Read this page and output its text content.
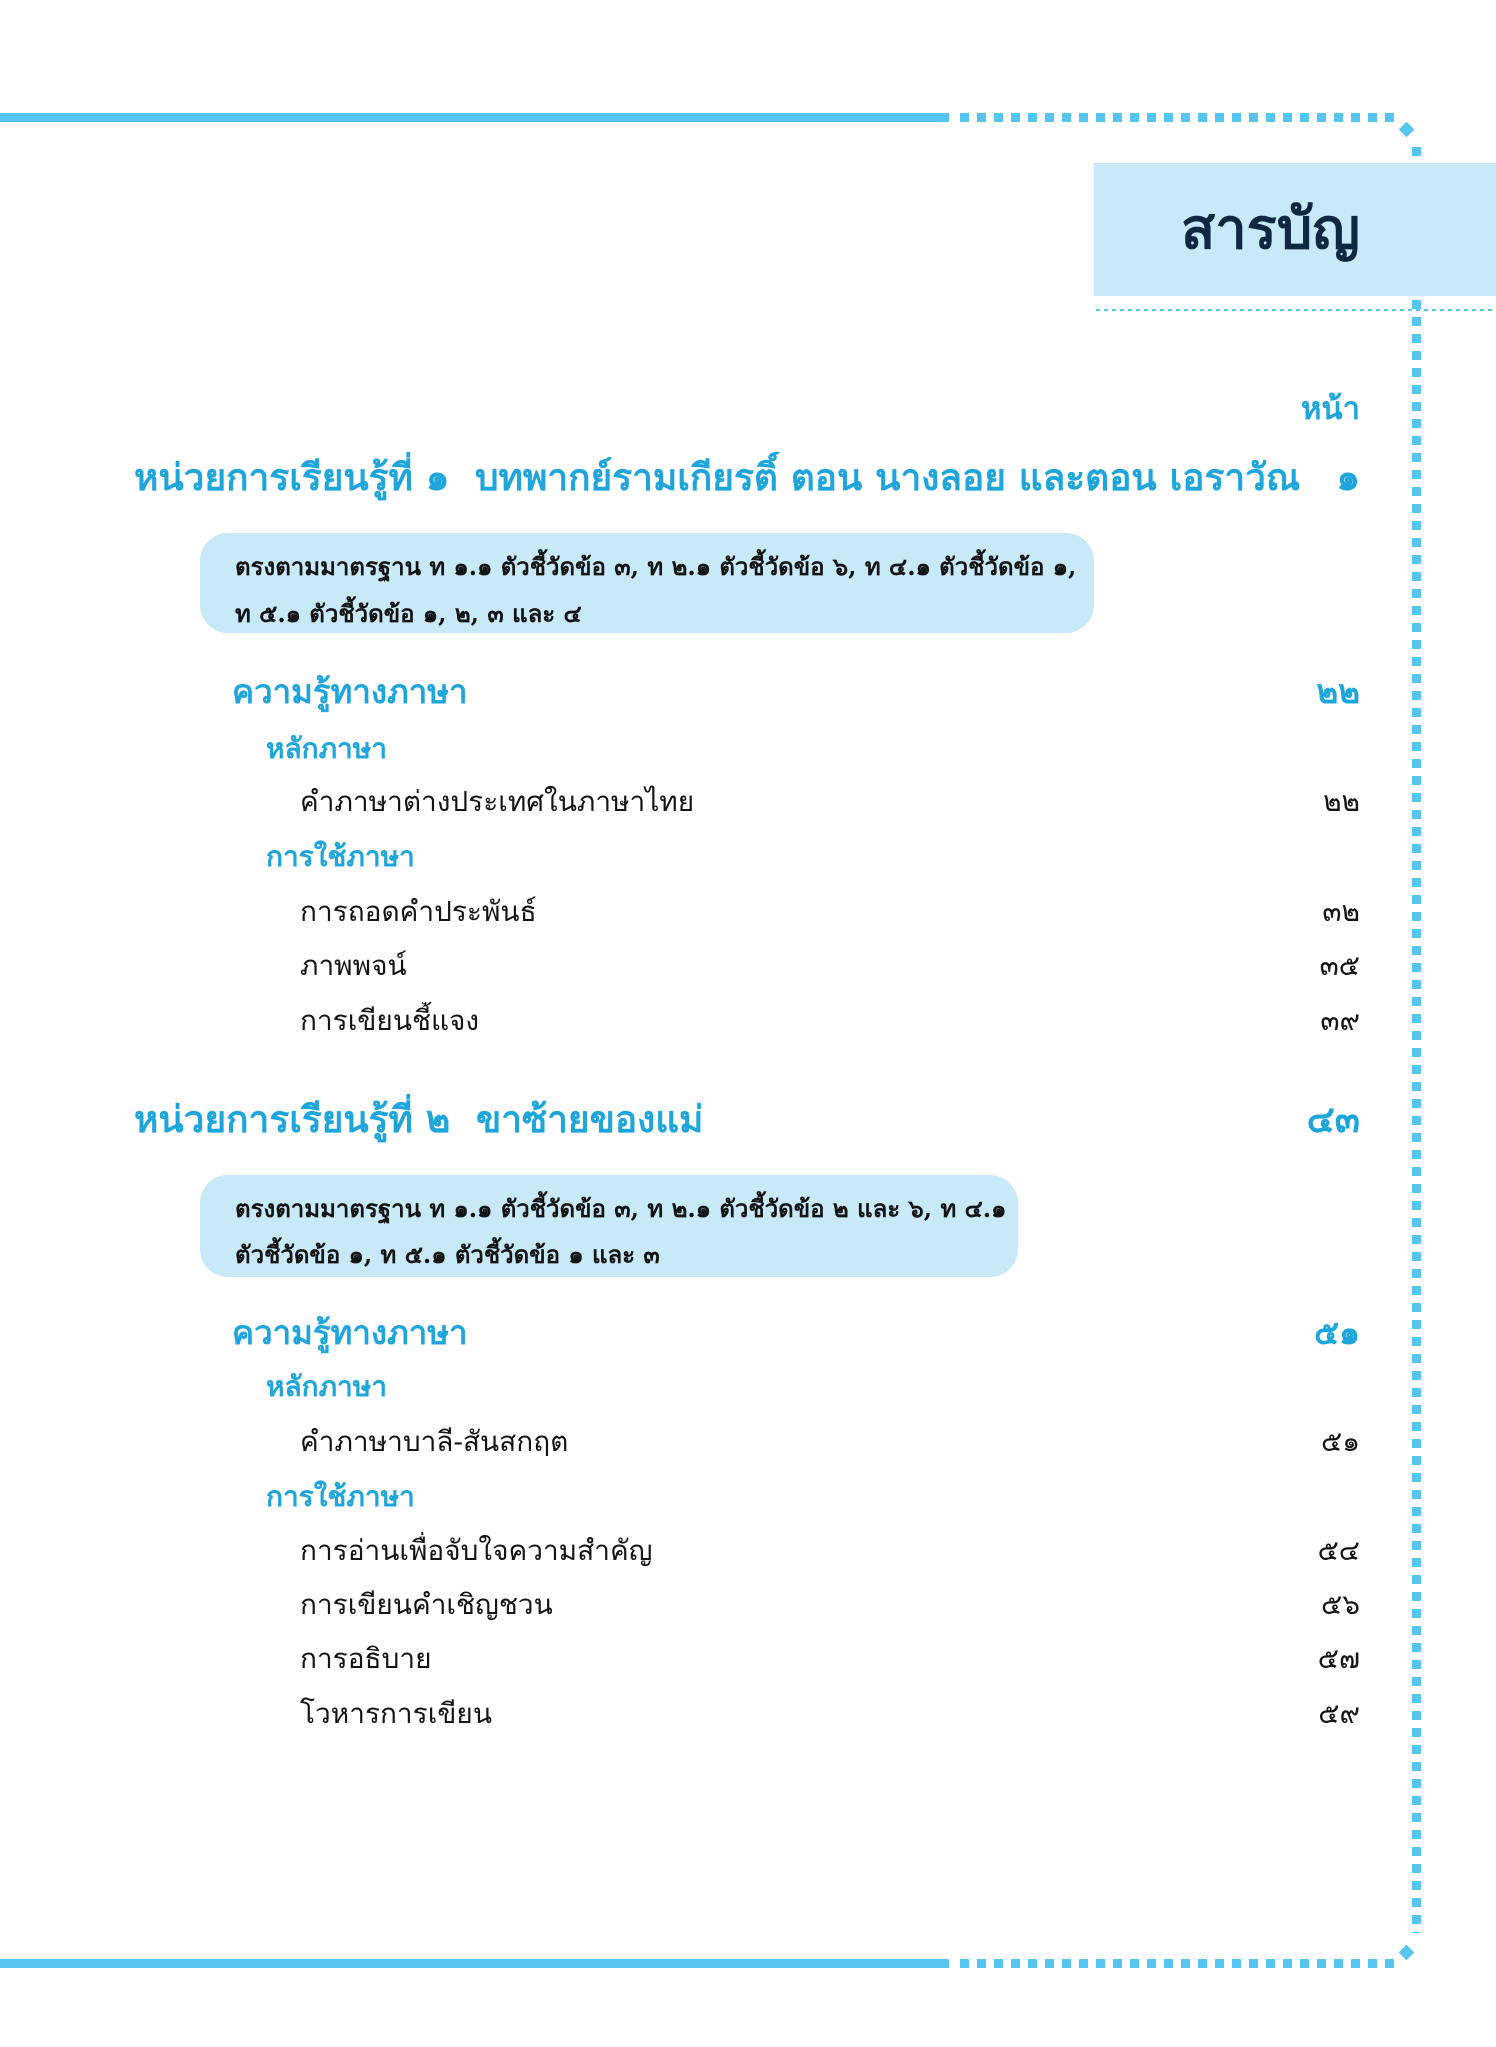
สารบัญ
หน้า
หน่วยการเรียนรู้ที่ ๑  บทพากย์รามเกียรติ์ ตอน นางลอย และตอน เอราวัณ ๑
ตรงตามมาตรฐาน ท ๑.๑ ตัวชี้วัดข้อ ๓, ท ๒.๑ ตัวชี้วัดข้อ ๖, ท ๔.๑ ตัวชี้วัดข้อ ๑,
ท ๕.๑ ตัวชี้วัดข้อ ๑, ๒, ๓ และ ๔
ความรู้ทางภาษา	๒๒
หลักภาษา
คำภาษาต่างประเทศในภาษาไทย	๒๒
การใช้ภาษา
การถอดคำประพันธ์	๓๒
ภาพพจน์	๓๕
การเขียนชี้แจง	๓๙
หน่วยการเรียนรู้ที่ ๒  ขาซ้ายของแม่	๔๓
ตรงตามมาตรฐาน ท ๑.๑ ตัวชี้วัดข้อ ๓, ท ๒.๑ ตัวชี้วัดข้อ ๒ และ ๖, ท ๔.๑
ตัวชี้วัดข้อ ๑, ท ๕.๑ ตัวชี้วัดข้อ ๑ และ ๓
ความรู้ทางภาษา	๕๑
หลักภาษา
คำภาษาบาลี-สันสกฤต	๕๑
การใช้ภาษา
การอ่านเพื่อจับใจความสำคัญ	๕๔
การเขียนคำเชิญชวน	๕๖
การอธิบาย	๕๗
โวหารการเขียน	๕๙
